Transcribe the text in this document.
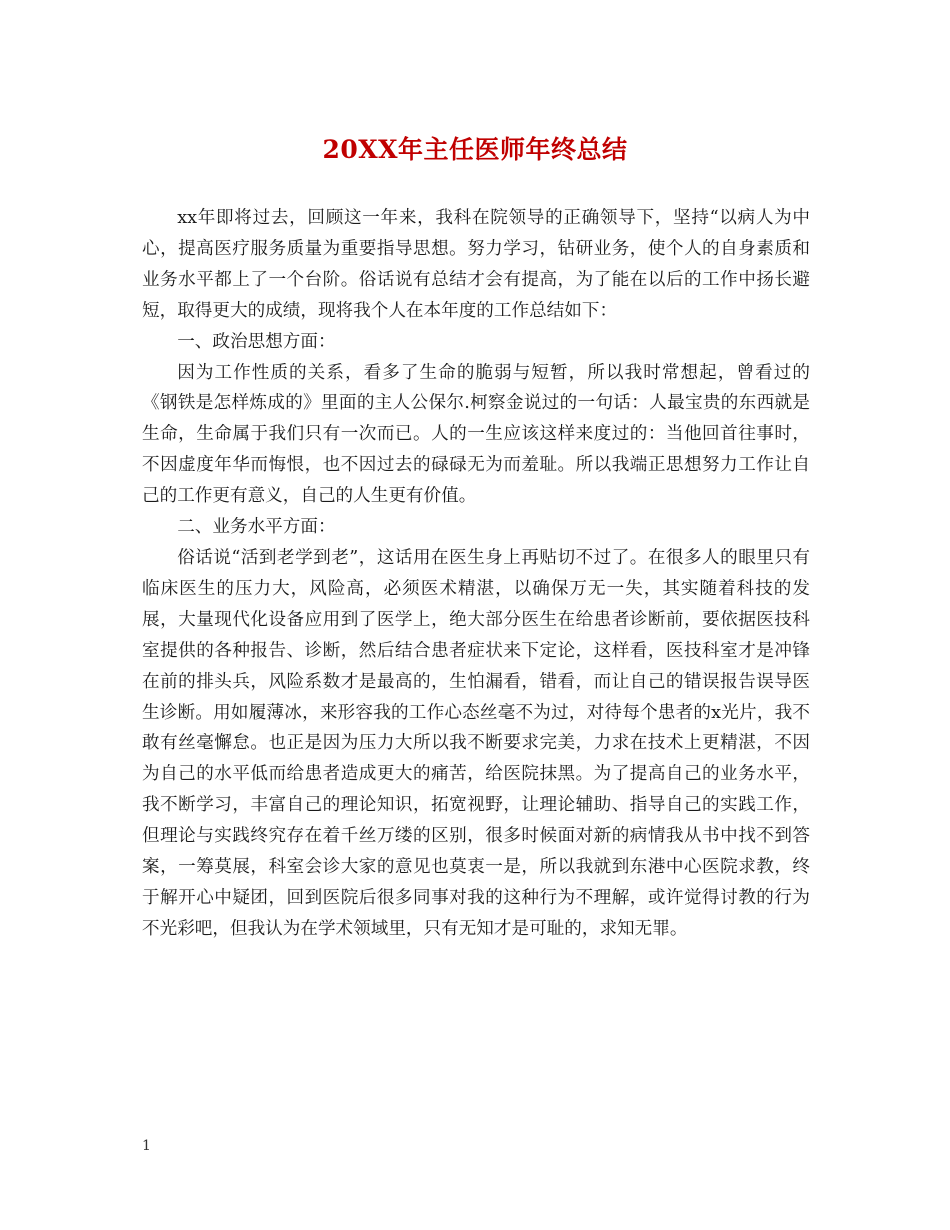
20XX年主任医师年终总结

xx年即将过去，回顾这一年来，我科在院领导的正确领导下，坚持“以病人为中心，提高医疗服务质量为重要指导思想。努力学习，钻研业务，使个人的自身素质和业务水平都上了一个台阶。俗话说有总结才会有提高，为了能在以后的工作中扬长避短，取得更大的成绩，现将我个人在本年度的工作总结如下：

一、政治思想方面：

因为工作性质的关系，看多了生命的脆弱与短暂，所以我时常想起，曾看过的《钢铁是怎样炼成的》里面的主人公保尔.柯察金说过的一句话：人最宝贵的东西就是生命，生命属于我们只有一次而已。人的一生应该这样来度过的：当他回首往事时，不因虚度年华而悔恨，也不因过去的碌碌无为而羞耻。所以我端正思想努力工作让自己的工作更有意义，自己的人生更有价值。

二、业务水平方面：

俗话说“活到老学到老”，这话用在医生身上再贴切不过了。在很多人的眼里只有临床医生的压力大，风险高，必须医术精湛，以确保万无一失，其实随着科技的发展，大量现代化设备应用到了医学上，绝大部分医生在给患者诊断前，要依据医技科室提供的各种报告、诊断，然后结合患者症状来下定论，这样看，医技科室才是冲锋在前的排头兵，风险系数才是最高的，生怕漏看，错看，而让自己的错误报告误导医生诊断。用如履薄冰，来形容我的工作心态丝毫不为过，对待每个患者的x光片，我不敢有丝毫懈怠。也正是因为压力大所以我不断要求完美，力求在技术上更精湛，不因为自己的水平低而给患者造成更大的痛苦，给医院抹黑。为了提高自己的业务水平，我不断学习，丰富自己的理论知识，拓宽视野，让理论辅助、指导自己的实践工作，但理论与实践终究存在着千丝万缕的区别，很多时候面对新的病情我从书中找不到答案，一筹莫展，科室会诊大家的意见也莫衷一是，所以我就到东港中心医院求教，终于解开心中疑团，回到医院后很多同事对我的这种行为不理解，或许觉得讨教的行为不光彩吧，但我认为在学术领域里，只有无知才是可耻的，求知无罪。

1
